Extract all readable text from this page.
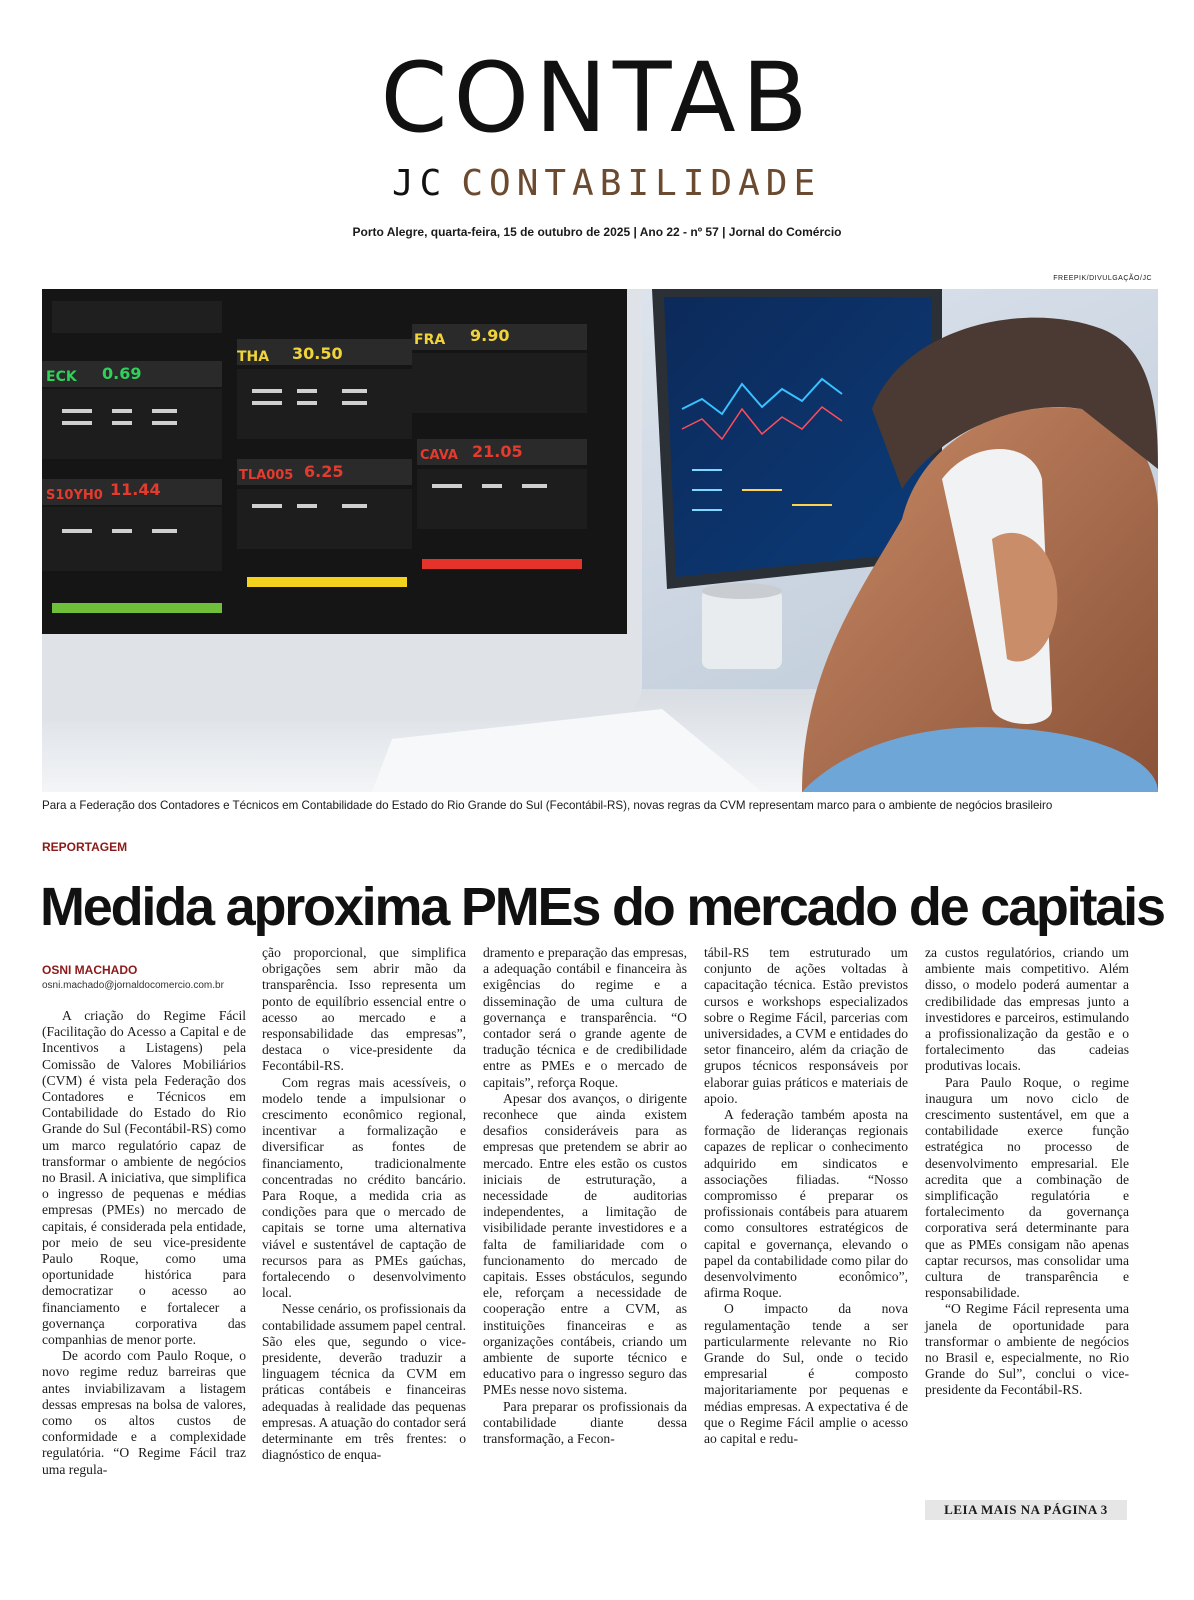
CONTAB
JC CONTABILIDADE
Porto Alegre, quarta-feira, 15 de outubro de 2025 | Ano 22 - nº 57 | Jornal do Comércio
FREEPIK/DIVULGAÇÃO/JC
ECK 0.69
THA 30.50
FRA 9.90
S10YH0 11.44
TLA005 6.25
CAVA 21.05
Para a Federação dos Contadores e Técnicos em Contabilidade do Estado do Rio Grande do Sul (Fecontábil-RS), novas regras da CVM representam marco para o ambiente de negócios brasileiro
REPORTAGEM
Medida aproxima PMEs do mercado de capitais
OSNI MACHADO
osni.machado@jornaldocomercio.com.br

A criação do Regime Fácil (Facilitação do Acesso a Capital e de Incentivos a Listagens) pela Comissão de Valores Mobiliários (CVM) é vista pela Federação dos Contadores e Técnicos em Contabilidade do Estado do Rio Grande do Sul (Fecontábil-RS) como um marco regulatório capaz de transformar o ambiente de negócios no Brasil. A iniciativa, que simplifica o ingresso de pequenas e médias empresas (PMEs) no mercado de capitais, é considerada pela entidade, por meio de seu vice-presidente Paulo Roque, como uma oportunidade histórica para democratizar o acesso ao financiamento e fortalecer a governança corporativa das companhias de menor porte.

De acordo com Paulo Roque, o novo regime reduz barreiras que antes inviabilizavam a listagem dessas empresas na bolsa de valores, como os altos custos de conformidade e a complexidade regulatória. “O Regime Fácil traz uma regula-

ção proporcional, que simplifica obrigações sem abrir mão da transparência. Isso representa um ponto de equilíbrio essencial entre o acesso ao mercado e a responsabilidade das empresas”, destaca o vice-presidente da Fecontábil-RS.

Com regras mais acessíveis, o modelo tende a impulsionar o crescimento econômico regional, incentivar a formalização e diversificar as fontes de financiamento, tradicionalmente concentradas no crédito bancário. Para Roque, a medida cria as condições para que o mercado de capitais se torne uma alternativa viável e sustentável de captação de recursos para as PMEs gaúchas, fortalecendo o desenvolvimento local.

Nesse cenário, os profissionais da contabilidade assumem papel central. São eles que, segundo o vice-presidente, deverão traduzir a linguagem técnica da CVM em práticas contábeis e financeiras adequadas à realidade das pequenas empresas. A atuação do contador será determinante em três frentes: o diagnóstico de enqua-

dramento e preparação das empresas, a adequação contábil e financeira às exigências do regime e a disseminação de uma cultura de governança e transparência. “O contador será o grande agente de tradução técnica e de credibilidade entre as PMEs e o mercado de capitais”, reforça Roque.

Apesar dos avanços, o dirigente reconhece que ainda existem desafios consideráveis para as empresas que pretendem se abrir ao mercado. Entre eles estão os custos iniciais de estruturação, a necessidade de auditorias independentes, a limitação de visibilidade perante investidores e a falta de familiaridade com o funcionamento do mercado de capitais. Esses obstáculos, segundo ele, reforçam a necessidade de cooperação entre a CVM, as instituições financeiras e as organizações contábeis, criando um ambiente de suporte técnico e educativo para o ingresso seguro das PMEs nesse novo sistema.

Para preparar os profissionais da contabilidade diante dessa transformação, a Fecon-

tábil-RS tem estruturado um conjunto de ações voltadas à capacitação técnica. Estão previstos cursos e workshops especializados sobre o Regime Fácil, parcerias com universidades, a CVM e entidades do setor financeiro, além da criação de grupos técnicos responsáveis por elaborar guias práticos e materiais de apoio.

A federação também aposta na formação de lideranças regionais capazes de replicar o conhecimento adquirido em sindicatos e associações filiadas. “Nosso compromisso é preparar os profissionais contábeis para atuarem como consultores estratégicos de capital e governança, elevando o papel da contabilidade como pilar do desenvolvimento econômico”, afirma Roque.

O impacto da nova regulamentação tende a ser particularmente relevante no Rio Grande do Sul, onde o tecido empresarial é composto majoritariamente por pequenas e médias empresas. A expectativa é de que o Regime Fácil amplie o acesso ao capital e redu-

za custos regulatórios, criando um ambiente mais competitivo. Além disso, o modelo poderá aumentar a credibilidade das empresas junto a investidores e parceiros, estimulando a profissionalização da gestão e o fortalecimento das cadeias produtivas locais.

Para Paulo Roque, o regime inaugura um novo ciclo de crescimento sustentável, em que a contabilidade exerce função estratégica no processo de desenvolvimento empresarial. Ele acredita que a combinação de simplificação regulatória e fortalecimento da governança corporativa será determinante para que as PMEs consigam não apenas captar recursos, mas consolidar uma cultura de transparência e responsabilidade.

“O Regime Fácil representa uma janela de oportunidade para transformar o ambiente de negócios no Brasil e, especialmente, no Rio Grande do Sul”, conclui o vice-presidente da Fecontábil-RS.

LEIA MAIS NA PÁGINA 3
